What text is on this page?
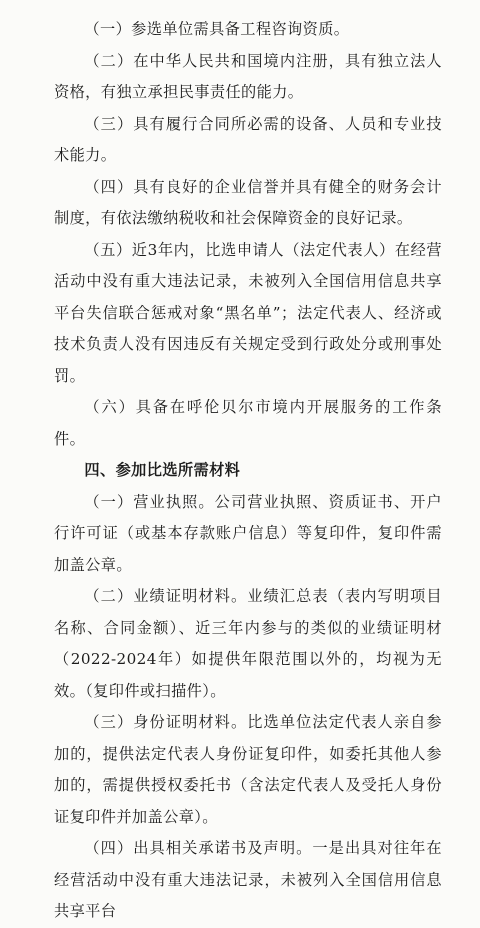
（一）参选单位需具备工程咨询资质。

（二）在中华人民共和国境内注册，具有独立法人资格，有独立承担民事责任的能力。

（三）具有履行合同所必需的设备、人员和专业技术能力。

（四）具有良好的企业信誉并具有健全的财务会计制度，有依法缴纳税收和社会保障资金的良好记录。

（五）近3年内，比选申请人（法定代表人）在经营活动中没有重大违法记录，未被列入全国信用信息共享平台失信联合惩戒对象“黑名单”；法定代表人、经济或技术负责人没有因违反有关规定受到行政处分或刑事处罚。

（六）具备在呼伦贝尔市境内开展服务的工作条件。

四、参加比选所需材料

（一）营业执照。公司营业执照、资质证书、开户行许可证（或基本存款账户信息）等复印件，复印件需加盖公章。

（二）业绩证明材料。业绩汇总表（表内写明项目名称、合同金额）、近三年内参与的类似的业绩证明材（2022-2024年）如提供年限范围以外的，均视为无效。（复印件或扫描件）。

（三）身份证明材料。比选单位法定代表人亲自参加的，提供法定代表人身份证复印件，如委托其他人参加的，需提供授权委托书（含法定代表人及受托人身份证复印件并加盖公章）。

（四）出具相关承诺书及声明。一是出具对往年在经营活动中没有重大违法记录，未被列入全国信用信息共享平台
